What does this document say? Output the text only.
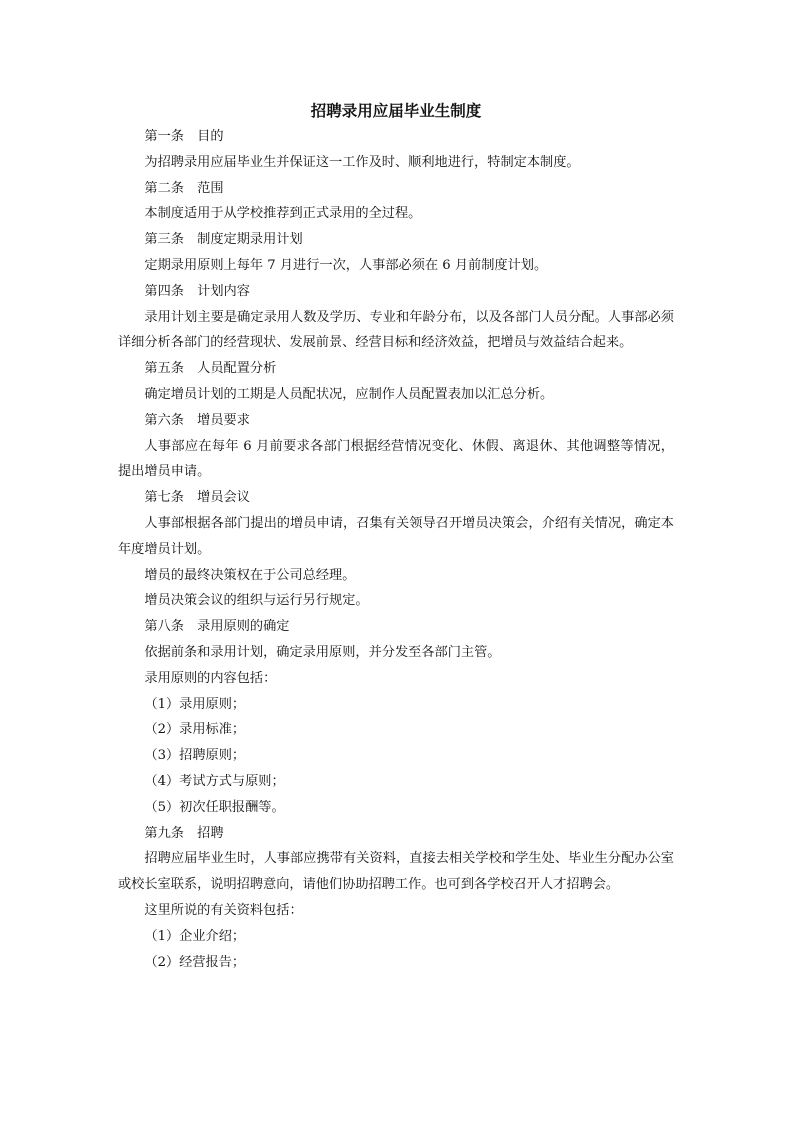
招聘录用应届毕业生制度

第一条　目的

为招聘录用应届毕业生并保证这一工作及时、顺利地进行，特制定本制度。

第二条　范围

本制度适用于从学校推荐到正式录用的全过程。

第三条　制度定期录用计划

定期录用原则上每年 7 月进行一次，人事部必须在 6 月前制度计划。

第四条　计划内容

录用计划主要是确定录用人数及学历、专业和年龄分布，以及各部门人员分配。人事部必须详细分析各部门的经营现状、发展前景、经营目标和经济效益，把增员与效益结合起来。

第五条　人员配置分析

确定增员计划的工期是人员配状况，应制作人员配置表加以汇总分析。

第六条　增员要求

人事部应在每年 6 月前要求各部门根据经营情况变化、休假、离退休、其他调整等情况，提出增员申请。

第七条　增员会议

人事部根据各部门提出的增员申请，召集有关领导召开增员决策会，介绍有关情况，确定本年度增员计划。

增员的最终决策权在于公司总经理。

增员决策会议的组织与运行另行规定。

第八条　录用原则的确定

依据前条和录用计划，确定录用原则，并分发至各部门主管。

录用原则的内容包括：

（1）录用原则；

（2）录用标准；

（3）招聘原则；

（4）考试方式与原则；

（5）初次任职报酬等。

第九条　招聘

招聘应届毕业生时，人事部应携带有关资料，直接去相关学校和学生处、毕业生分配办公室或校长室联系，说明招聘意向，请他们协助招聘工作。也可到各学校召开人才招聘会。

这里所说的有关资料包括：

（1）企业介绍；

（2）经营报告；
